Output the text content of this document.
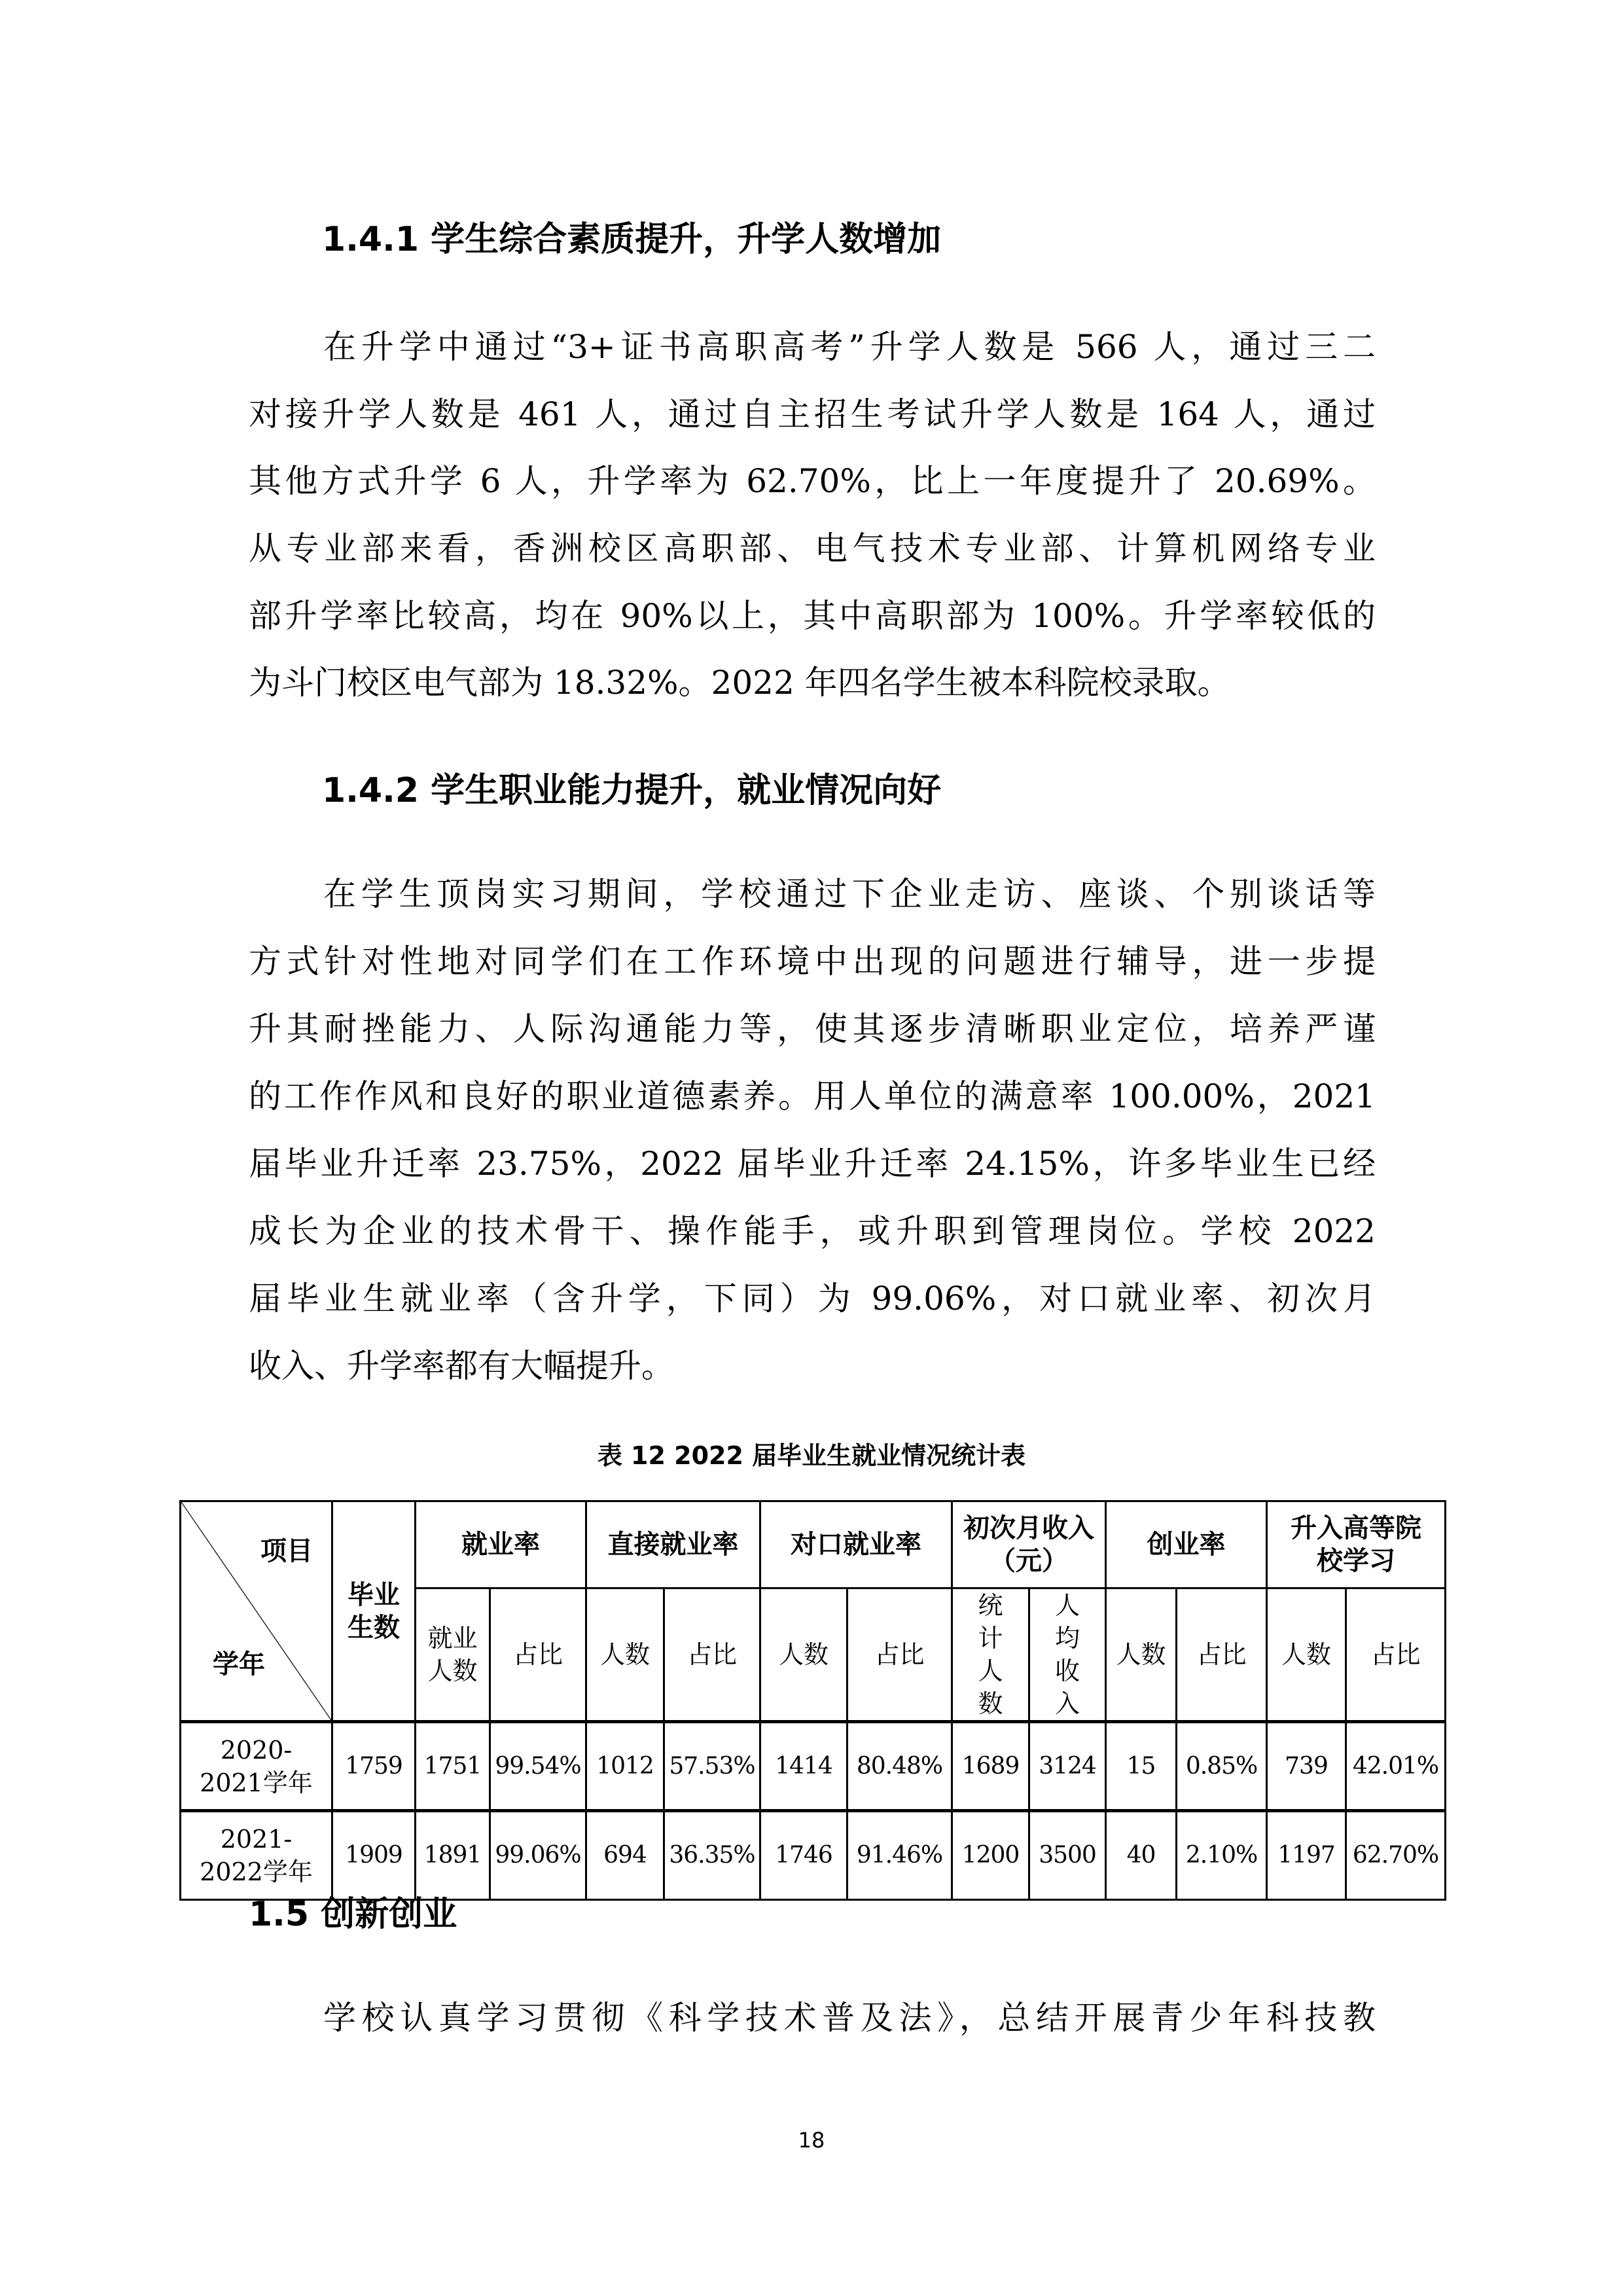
1.4.1 学生综合素质提升，升学人数增加
在升学中通过“3+证书高职高考”升学人数是 566 人，通过三二
对接升学人数是 461 人，通过自主招生考试升学人数是 164 人，通过
其他方式升学 6 人，升学率为 62.70%，比上一年度提升了 20.69%。
从专业部来看，香洲校区高职部、电气技术专业部、计算机网络专业
部升学率比较高，均在 90%以上，其中高职部为 100%。升学率较低的
为斗门校区电气部为 18.32%。2022 年四名学生被本科院校录取。
1.4.2 学生职业能力提升，就业情况向好
在学生顶岗实习期间，学校通过下企业走访、座谈、个别谈话等
方式针对性地对同学们在工作环境中出现的问题进行辅导，进一步提
升其耐挫能力、人际沟通能力等，使其逐步清晰职业定位，培养严谨
的工作作风和良好的职业道德素养。用人单位的满意率 100.00%，2021
届毕业升迁率 23.75%，2022 届毕业升迁率 24.15%，许多毕业生已经
成长为企业的技术骨干、操作能手，或升职到管理岗位。学校 2022
届毕业生就业率（含升学，下同）为 99.06%，对口就业率、初次月
收入、升学率都有大幅提升。
表 12 2022 届毕业生就业情况统计表
项目
学年	毕业生数	就业率		直接就业率		对口就业率		初次月收入（元）		创业率		升入高等院校学习	
		就业人数	占比	人数	占比	人数	占比	统计人数	人均收入	人数	占比	人数	占比
2020-2021学年	1759	1751	99.54%	1012	57.53%	1414	80.48%	1689	3124	15	0.85%	739	42.01%
2021-2022学年	1909	1891	99.06%	694	36.35%	1746	91.46%	1200	3500	40	2.10%	1197	62.70%
1.5 创新创业
学校认真学习贯彻《科学技术普及法》，总结开展青少年科技教
18
